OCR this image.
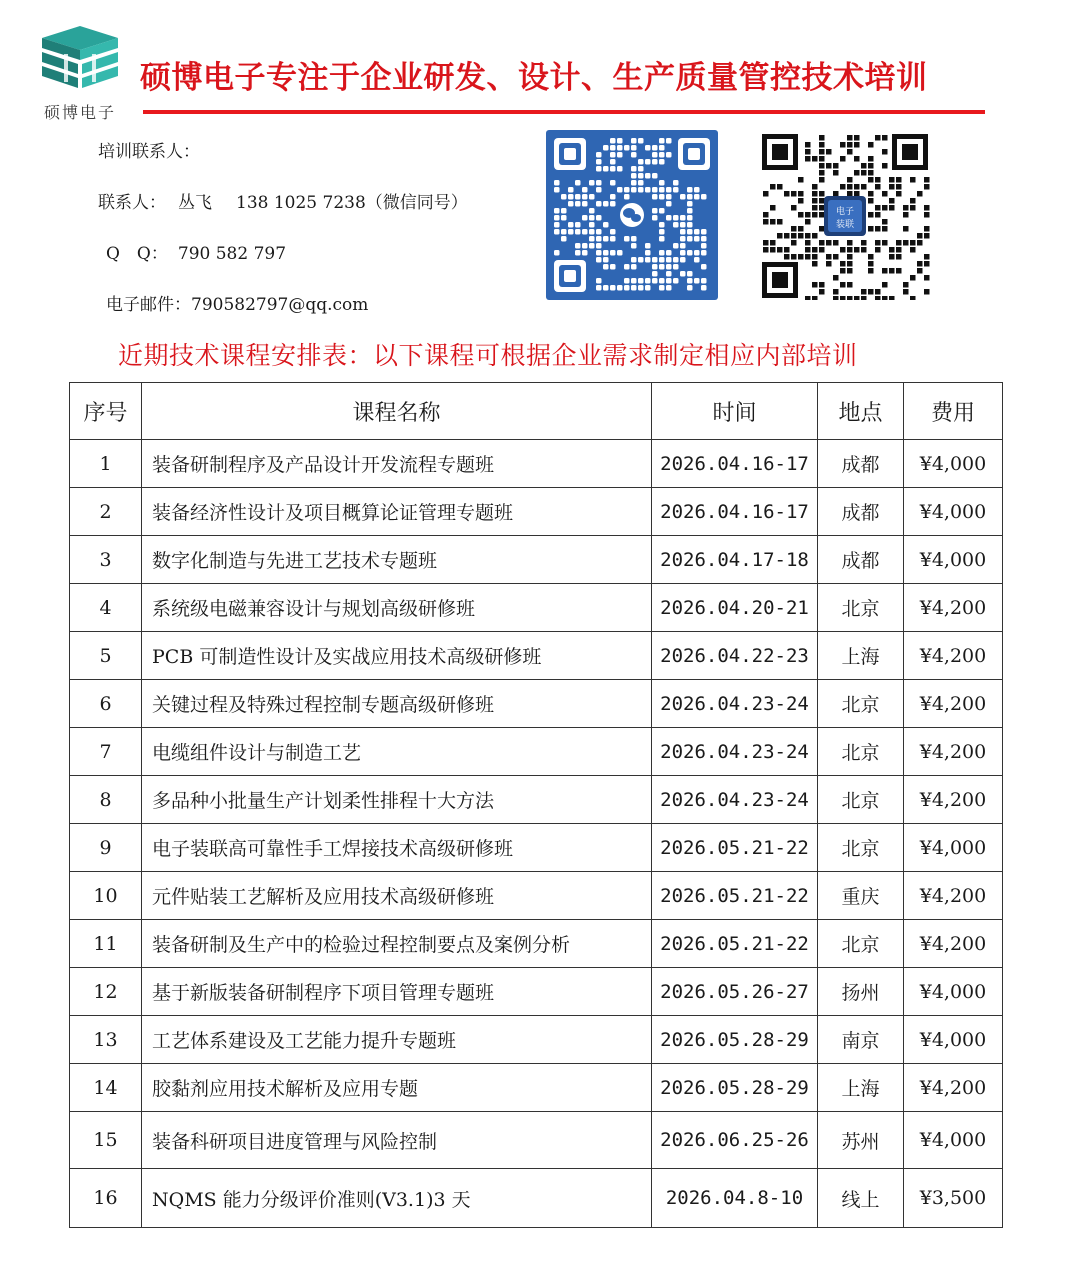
硕博电子
硕博电子专注于企业研发、设计、生产质量管控技术培训
培训联系人：
联系人： 丛飞 138 1025 7238（微信同号）
Q　Q： 790 582 797
电子邮件：790582797@qq.com
电子
装联
近期技术课程安排表：以下课程可根据企业需求制定相应内部培训
序号	课程名称	时间	地点	费用
1	装备研制程序及产品设计开发流程专题班	2026.04.16-17	成都	¥4,000
2	装备经济性设计及项目概算论证管理专题班	2026.04.16-17	成都	¥4,000
3	数字化制造与先进工艺技术专题班	2026.04.17-18	成都	¥4,000
4	系统级电磁兼容设计与规划高级研修班	2026.04.20-21	北京	¥4,200
5	PCB 可制造性设计及实战应用技术高级研修班	2026.04.22-23	上海	¥4,200
6	关键过程及特殊过程控制专题高级研修班	2026.04.23-24	北京	¥4,200
7	电缆组件设计与制造工艺	2026.04.23-24	北京	¥4,200
8	多品种小批量生产计划柔性排程十大方法	2026.04.23-24	北京	¥4,200
9	电子装联高可靠性手工焊接技术高级研修班	2026.05.21-22	北京	¥4,000
10	元件贴装工艺解析及应用技术高级研修班	2026.05.21-22	重庆	¥4,200
11	装备研制及生产中的检验过程控制要点及案例分析	2026.05.21-22	北京	¥4,200
12	基于新版装备研制程序下项目管理专题班	2026.05.26-27	扬州	¥4,000
13	工艺体系建设及工艺能力提升专题班	2026.05.28-29	南京	¥4,000
14	胶黏剂应用技术解析及应用专题	2026.05.28-29	上海	¥4,200
15	装备科研项目进度管理与风险控制	2026.06.25-26	苏州	¥4,000
16	NQMS 能力分级评价准则(V3.1)3 天	2026.04.8-10	线上	¥3,500
